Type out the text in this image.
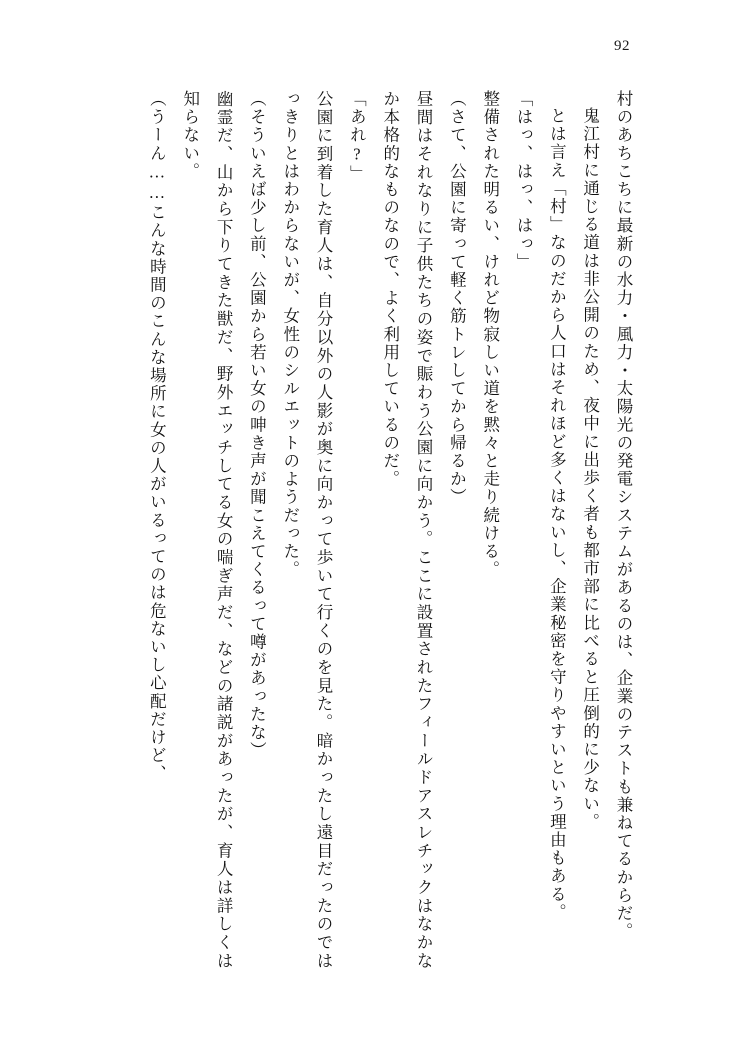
92

村のあちこちに最新の水力・風力・太陽光の発電システムがあるのは、企業のテストも兼ねてるからだ。

鬼江村に通じる道は非公開のため、夜中に出歩く者も都市部に比べると圧倒的に少ない。

とは言え「村」なのだから人口はそれほど多くはないし、企業秘密を守りやすいという理由もある。

「はっ、はっ、はっ」

整備された明るい、けれど物寂しい道を黙々と走り続ける。

（さて、公園に寄って軽く筋トレしてから帰るか）

昼間はそれなりに子供たちの姿で賑わう公園に向かう。ここに設置されたフィールドアスレチックはなかなか本格的なものなので、よく利用しているのだ。

「あれ?」

公園に到着した育人は、自分以外の人影が奥に向かって歩いて行くのを見た。暗かったし遠目だったのではっきりとはわからないが、女性のシルエットのようだった。

（そういえば少し前、公園から若い女の呻き声が聞こえてくるって噂があったな）

幽霊だ、山から下りてきた獣だ、野外エッチしてる女の喘ぎ声だ、などの諸説があったが、育人は詳しくは知らない。

（うーん……こんな時間のこんな場所に女の人がいるってのは危ないし心配だけど、
